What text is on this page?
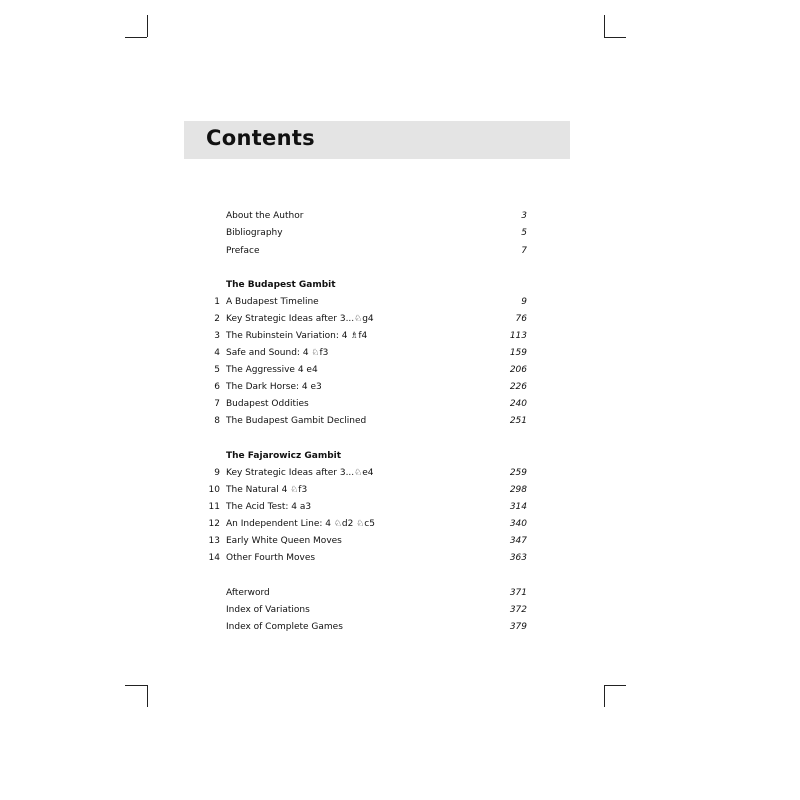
Contents
About the Author	3
Bibliography	5
Preface	7
The Budapest Gambit
1 A Budapest Timeline	9
2 Key Strategic Ideas after 3...♘g4	76
3 The Rubinstein Variation: 4 ♗f4	113
4 Safe and Sound: 4 ♘f3	159
5 The Aggressive 4 e4	206
6 The Dark Horse: 4 e3	226
7 Budapest Oddities	240
8 The Budapest Gambit Declined	251
The Fajarowicz Gambit
9 Key Strategic Ideas after 3...♘e4	259
10 The Natural 4 ♘f3	298
11 The Acid Test: 4 a3	314
12 An Independent Line: 4 ♘d2 ♘c5	340
13 Early White Queen Moves	347
14 Other Fourth Moves	363
Afterword	371
Index of Variations	372
Index of Complete Games	379
